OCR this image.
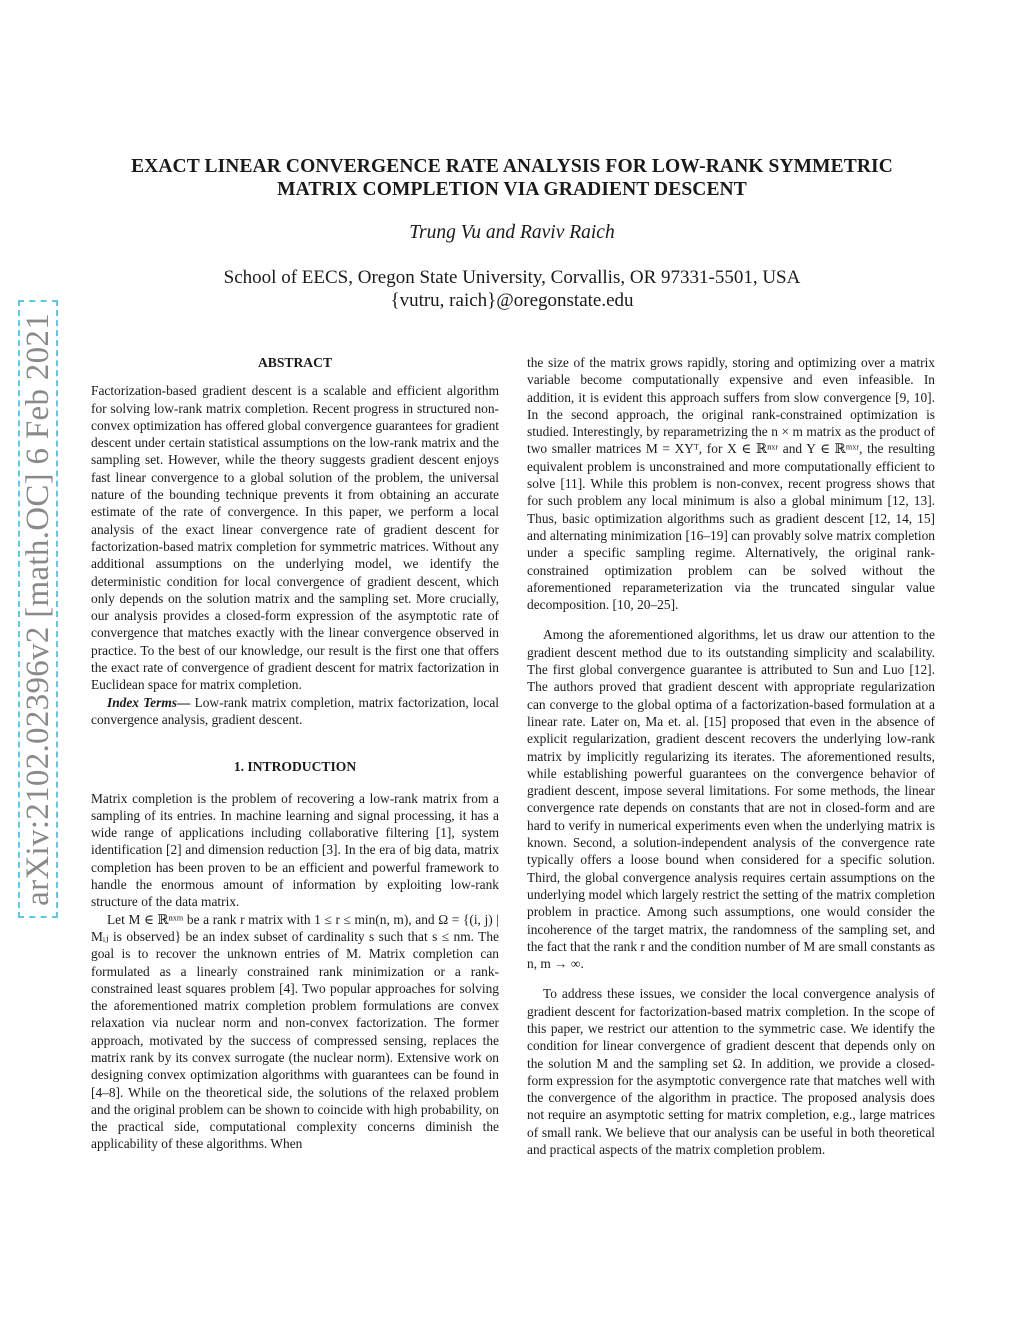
arXiv:2102.02396v2 [math.OC] 6 Feb 2021
EXACT LINEAR CONVERGENCE RATE ANALYSIS FOR LOW-RANK SYMMETRIC
MATRIX COMPLETION VIA GRADIENT DESCENT
Trung Vu and Raviv Raich
School of EECS, Oregon State University, Corvallis, OR 97331-5501, USA
{vutru, raich}@oregonstate.edu
ABSTRACT

Factorization-based gradient descent is a scalable and efficient algorithm for solving low-rank matrix completion. Recent progress in structured non-convex optimization has offered global convergence guarantees for gradient descent under certain statistical assumptions on the low-rank matrix and the sampling set. However, while the theory suggests gradient descent enjoys fast linear convergence to a global solution of the problem, the universal nature of the bounding technique prevents it from obtaining an accurate estimate of the rate of convergence. In this paper, we perform a local analysis of the exact linear convergence rate of gradient descent for factorization-based matrix completion for symmetric matrices. Without any additional assumptions on the underlying model, we identify the deterministic condition for local convergence of gradient descent, which only depends on the solution matrix and the sampling set. More crucially, our analysis provides a closed-form expression of the asymptotic rate of convergence that matches exactly with the linear convergence observed in practice. To the best of our knowledge, our result is the first one that offers the exact rate of convergence of gradient descent for matrix factorization in Euclidean space for matrix completion.

Index Terms— Low-rank matrix completion, matrix factorization, local convergence analysis, gradient descent.

1. INTRODUCTION

Matrix completion is the problem of recovering a low-rank matrix from a sampling of its entries. In machine learning and signal processing, it has a wide range of applications including collaborative filtering [1], system identification [2] and dimension reduction [3]. In the era of big data, matrix completion has been proven to be an efficient and powerful framework to handle the enormous amount of information by exploiting low-rank structure of the data matrix.

Let M ∈ ℝⁿˣᵐ be a rank r matrix with 1 ≤ r ≤ min(n, m), and Ω = {(i, j) | Mᵢⱼ is observed} be an index subset of cardinality s such that s ≤ nm. The goal is to recover the unknown entries of M. Matrix completion can formulated as a linearly constrained rank minimization or a rank-constrained least squares problem [4]. Two popular approaches for solving the aforementioned matrix completion problem formulations are convex relaxation via nuclear norm and non-convex factorization. The former approach, motivated by the success of compressed sensing, replaces the matrix rank by its convex surrogate (the nuclear norm). Extensive work on designing convex optimization algorithms with guarantees can be found in [4–8]. While on the theoretical side, the solutions of the relaxed problem and the original problem can be shown to coincide with high probability, on the practical side, computational complexity concerns diminish the applicability of these algorithms. When

the size of the matrix grows rapidly, storing and optimizing over a matrix variable become computationally expensive and even infeasible. In addition, it is evident this approach suffers from slow convergence [9, 10]. In the second approach, the original rank-constrained optimization is studied. Interestingly, by reparametrizing the n × m matrix as the product of two smaller matrices M = XYᵀ, for X ∈ ℝⁿˣʳ and Y ∈ ℝᵐˣʳ, the resulting equivalent problem is unconstrained and more computationally efficient to solve [11]. While this problem is non-convex, recent progress shows that for such problem any local minimum is also a global minimum [12, 13]. Thus, basic optimization algorithms such as gradient descent [12, 14, 15] and alternating minimization [16–19] can provably solve matrix completion under a specific sampling regime. Alternatively, the original rank-constrained optimization problem can be solved without the aforementioned reparameterization via the truncated singular value decomposition. [10, 20–25].

Among the aforementioned algorithms, let us draw our attention to the gradient descent method due to its outstanding simplicity and scalability. The first global convergence guarantee is attributed to Sun and Luo [12]. The authors proved that gradient descent with appropriate regularization can converge to the global optima of a factorization-based formulation at a linear rate. Later on, Ma et. al. [15] proposed that even in the absence of explicit regularization, gradient descent recovers the underlying low-rank matrix by implicitly regularizing its iterates. The aforementioned results, while establishing powerful guarantees on the convergence behavior of gradient descent, impose several limitations. For some methods, the linear convergence rate depends on constants that are not in closed-form and are hard to verify in numerical experiments even when the underlying matrix is known. Second, a solution-independent analysis of the convergence rate typically offers a loose bound when considered for a specific solution. Third, the global convergence analysis requires certain assumptions on the underlying model which largely restrict the setting of the matrix completion problem in practice. Among such assumptions, one would consider the incoherence of the target matrix, the randomness of the sampling set, and the fact that the rank r and the condition number of M are small constants as n, m → ∞.

To address these issues, we consider the local convergence analysis of gradient descent for factorization-based matrix completion. In the scope of this paper, we restrict our attention to the symmetric case. We identify the condition for linear convergence of gradient descent that depends only on the solution M and the sampling set Ω. In addition, we provide a closed-form expression for the asymptotic convergence rate that matches well with the convergence of the algorithm in practice. The proposed analysis does not require an asymptotic setting for matrix completion, e.g., large matrices of small rank. We believe that our analysis can be useful in both theoretical and practical aspects of the matrix completion problem.
